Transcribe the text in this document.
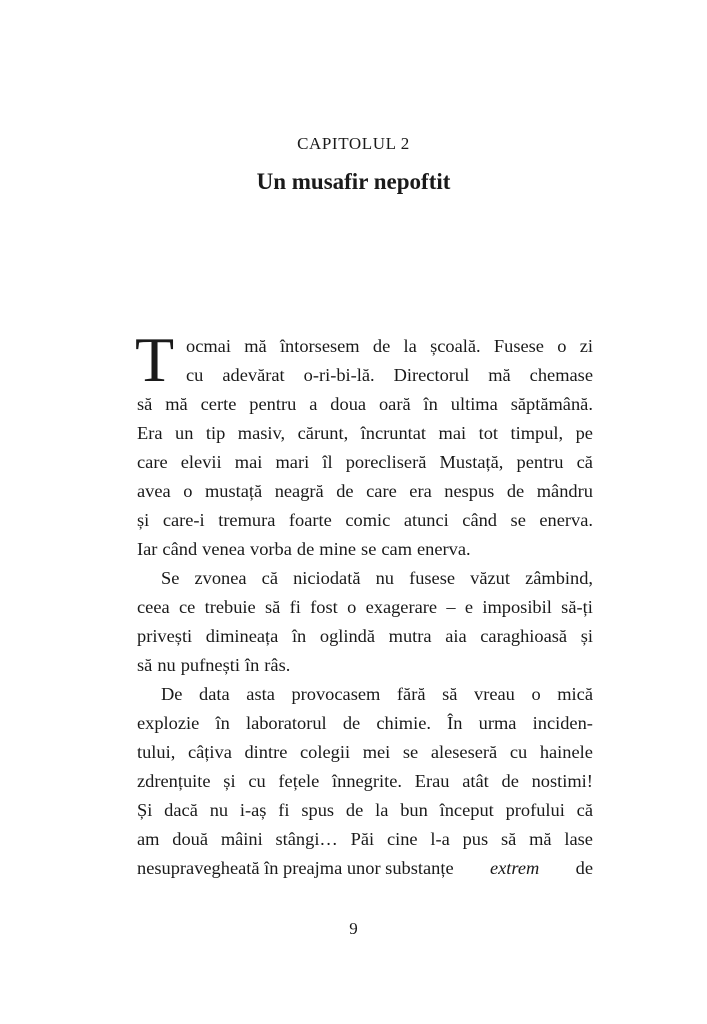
CAPITOLUL 2
Un musafir nepoftit
T ocmai mă întorsesem de la școală. Fusese o zi
cu adevărat o-ri-bi-lă. Directorul mă chemase
să mă certe pentru a doua oară în ultima săptămână.
Era un tip masiv, cărunt, încruntat mai tot timpul, pe
care elevii mai mari îl porecliseră Mustață, pentru că
avea o mustață neagră de care era nespus de mândru
și care-i tremura foarte comic atunci când se enerva.
Iar când venea vorba de mine se cam enerva.
Se zvonea că niciodată nu fusese văzut zâmbind,
ceea ce trebuie să fi fost o exagerare – e imposibil să-ți
privești dimineața în oglindă mutra aia caraghioasă și
să nu pufnești în râs.
De data asta provocasem fără să vreau o mică
explozie în laboratorul de chimie. În urma inciden-
tului, câțiva dintre colegii mei se aleseseră cu hainele
zdrențuite și cu fețele înnegrite. Erau atât de nostimi!
Și dacă nu i-aș fi spus de la bun început profului că
am două mâini stângi… Păi cine l-a pus să mă lase
nesupravegheată în preajma unor substanțe extrem de
9
